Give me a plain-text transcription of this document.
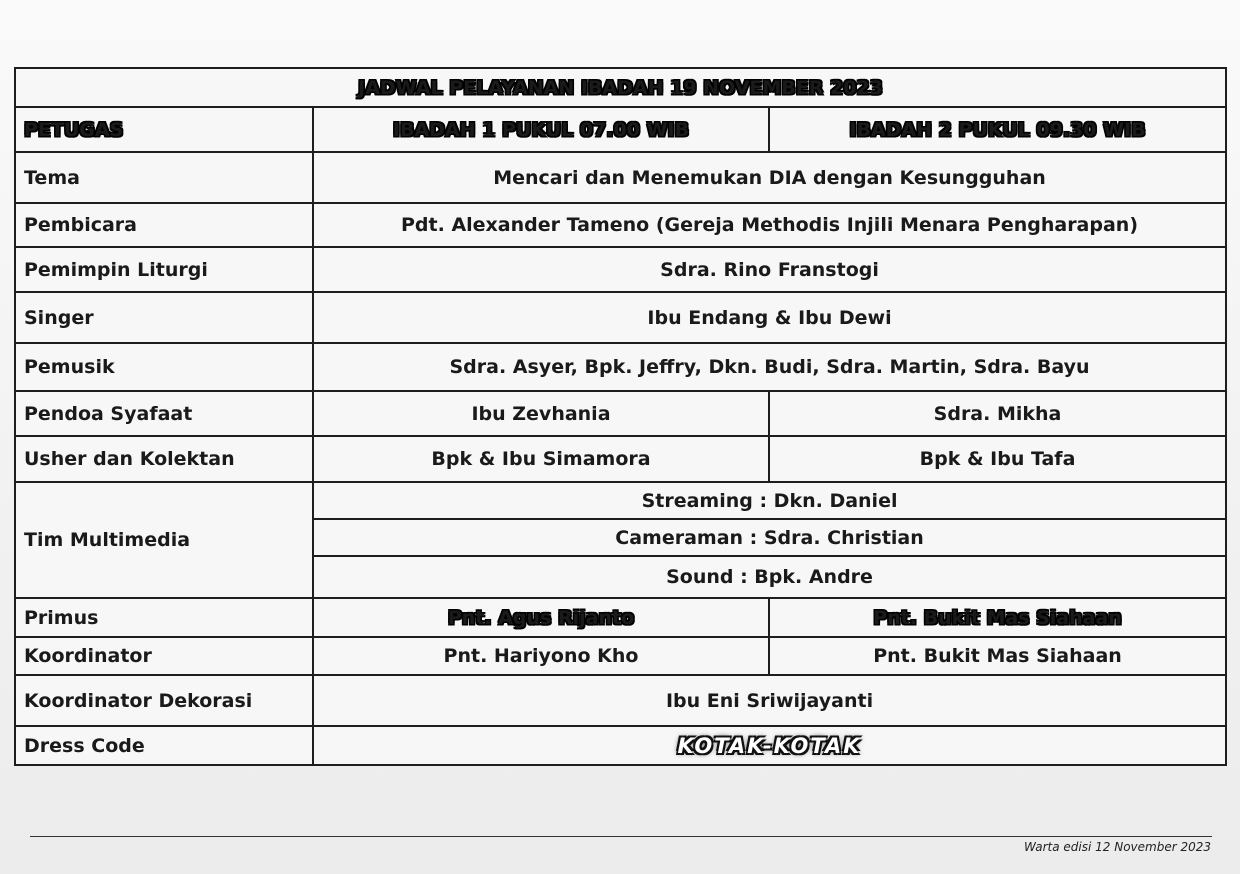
JADWAL PELAYANAN IBADAH 19 NOVEMBER 2023		
PETUGAS	IBADAH 1 PUKUL 07.00 WIB	IBADAH 2 PUKUL 09.30 WIB
Tema	Mencari dan Menemukan DIA dengan Kesungguhan	
Pembicara	Pdt. Alexander Tameno (Gereja Methodis Injili Menara Pengharapan)	
Pemimpin Liturgi	Sdra. Rino Franstogi	
Singer	Ibu Endang & Ibu Dewi	
Pemusik	Sdra. Asyer, Bpk. Jeffry, Dkn. Budi, Sdra. Martin, Sdra. Bayu	
Pendoa Syafaat	Ibu Zevhania	Sdra. Mikha
Usher dan Kolektan	Bpk & Ibu Simamora	Bpk & Ibu Tafa
Tim Multimedia	Streaming : Dkn. Daniel	
	Cameraman : Sdra. Christian	
	Sound : Bpk. Andre	
Primus	Pnt. Agus Rijanto	Pnt. Bukit Mas Siahaan
Koordinator	Pnt. Hariyono Kho	Pnt. Bukit Mas Siahaan
Koordinator Dekorasi	Ibu Eni Sriwijayanti	
Dress Code	KOTAK-KOTAK	
Warta edisi 12 November 2023
